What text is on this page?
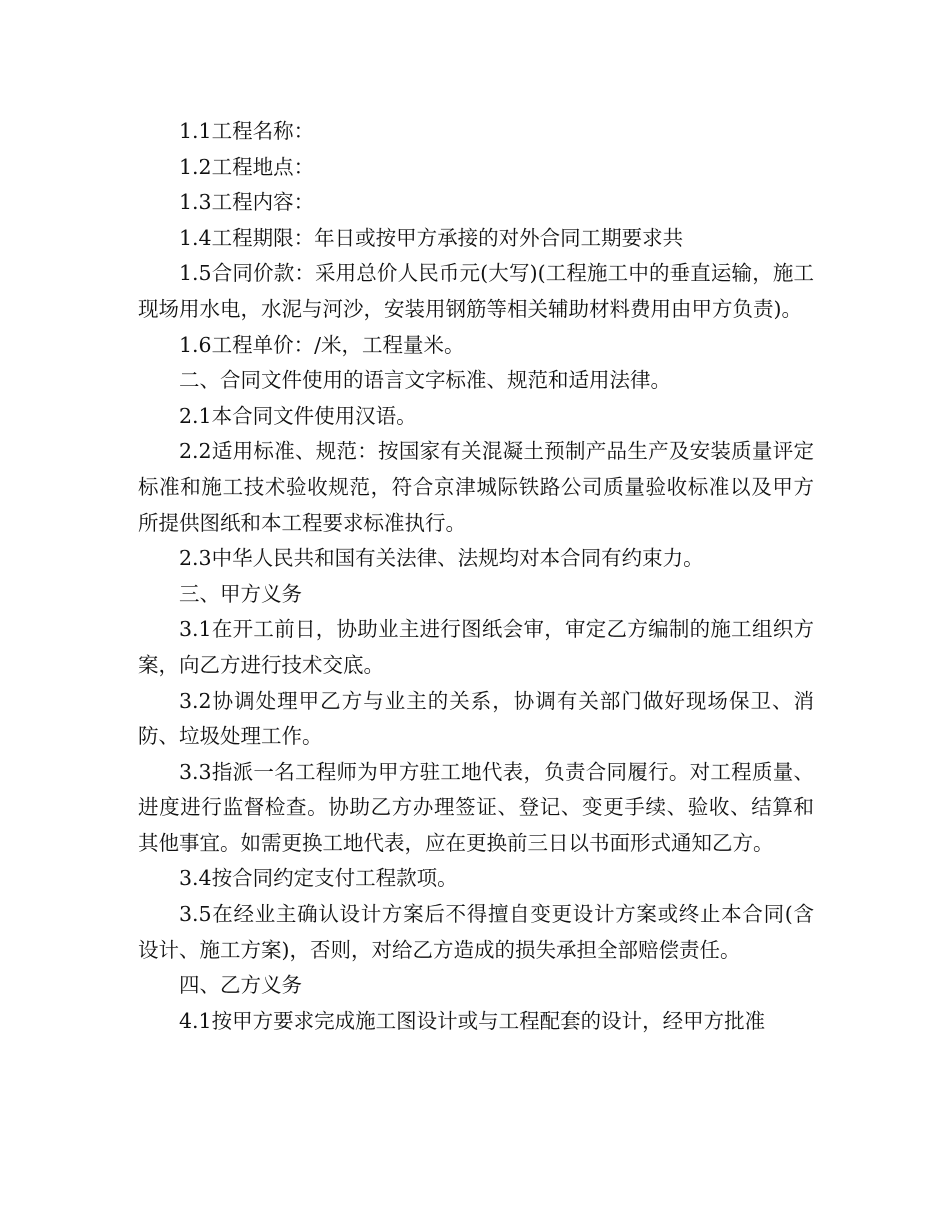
1.1工程名称：

1.2工程地点：

1.3工程内容：

1.4工程期限：年日或按甲方承接的对外合同工期要求共

1.5合同价款：采用总价人民币元(大写)(工程施工中的垂直运输，施工现场用水电，水泥与河沙，安装用钢筋等相关辅助材料费用由甲方负责)。

1.6工程单价：/米，工程量米。

二、合同文件使用的语言文字标准、规范和适用法律。

2.1本合同文件使用汉语。

2.2适用标准、规范：按国家有关混凝土预制产品生产及安装质量评定标准和施工技术验收规范，符合京津城际铁路公司质量验收标准以及甲方所提供图纸和本工程要求标准执行。

2.3中华人民共和国有关法律、法规均对本合同有约束力。

三、甲方义务

3.1在开工前日，协助业主进行图纸会审，审定乙方编制的施工组织方案，向乙方进行技术交底。

3.2协调处理甲乙方与业主的关系，协调有关部门做好现场保卫、消防、垃圾处理工作。

3.3指派一名工程师为甲方驻工地代表，负责合同履行。对工程质量、进度进行监督检查。协助乙方办理签证、登记、变更手续、验收、结算和其他事宜。如需更换工地代表，应在更换前三日以书面形式通知乙方。

3.4按合同约定支付工程款项。

3.5在经业主确认设计方案后不得擅自变更设计方案或终止本合同(含设计、施工方案)，否则，对给乙方造成的损失承担全部赔偿责任。

四、乙方义务

4.1按甲方要求完成施工图设计或与工程配套的设计，经甲方批准
